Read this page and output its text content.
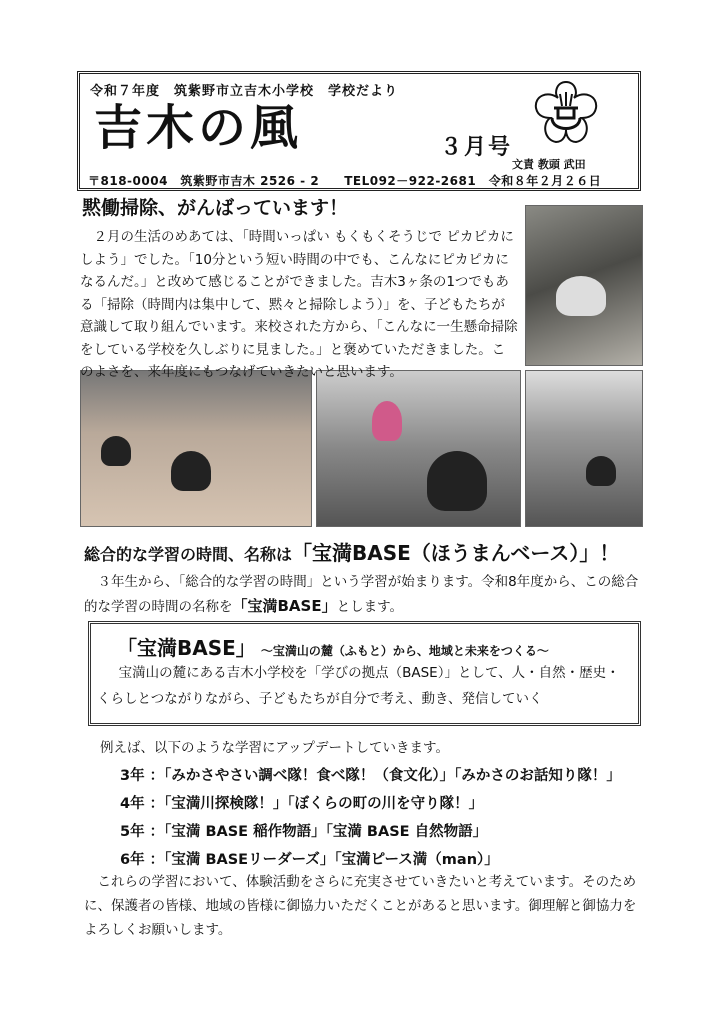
令和７年度　筑紫野市立吉木小学校　学校だより
吉木の風	３月号
文責 教頭 武田
〒818-0004　筑紫野市吉木 2526 - 2　　TEL092－922-2681　令和８年２月２６日
黙働掃除、がんばっています！
２月の生活のめあては、「時間いっぱい もくもくそうじで ピカピカにしよう」でした。「10分という短い時間の中でも、こんなにピカピカになるんだ。」と改めて感じることができました。吉木3ヶ条の1つでもある「掃除（時間内は集中して、黙々と掃除しよう）」を、子どもたちが意識して取り組んでいます。来校された方から、「こんなに一生懸命掃除をしている学校を久しぶりに見ました。」と褒めていただきました。このよさを、来年度にもつなげていきたいと思います。
総合的な学習の時間、名称は「宝満BASE（ほうまんベース）」！
３年生から、「総合的な学習の時間」という学習が始まります。令和8年度から、この総合的な学習の時間の名称を「宝満BASE」とします。
「宝満BASE」 ～宝満山の麓（ふもと）から、地域と未来をつくる～
宝満山の麓にある吉木小学校を「学びの拠点（BASE）」として、人・自然・歴史・くらしとつながりながら、子どもたちが自分で考え、動き、発信していく
例えば、以下のような学習にアップデートしていきます。
3年 ：「みかさやさい調べ隊！食べ隊！（食文化）」「みかさのお話知り隊！」
4年 ：「宝満川探検隊！」「ぼくらの町の川を守り隊！」
5年 ：「宝満 BASE 稲作物語」「宝満 BASE 自然物語」
6年 ：「宝満 BASEリーダーズ」「宝満ピース満（man）」
これらの学習において、体験活動をさらに充実させていきたいと考えています。そのために、保護者の皆様、地域の皆様に御協力いただくことがあると思います。御理解と御協力をよろしくお願いします。
